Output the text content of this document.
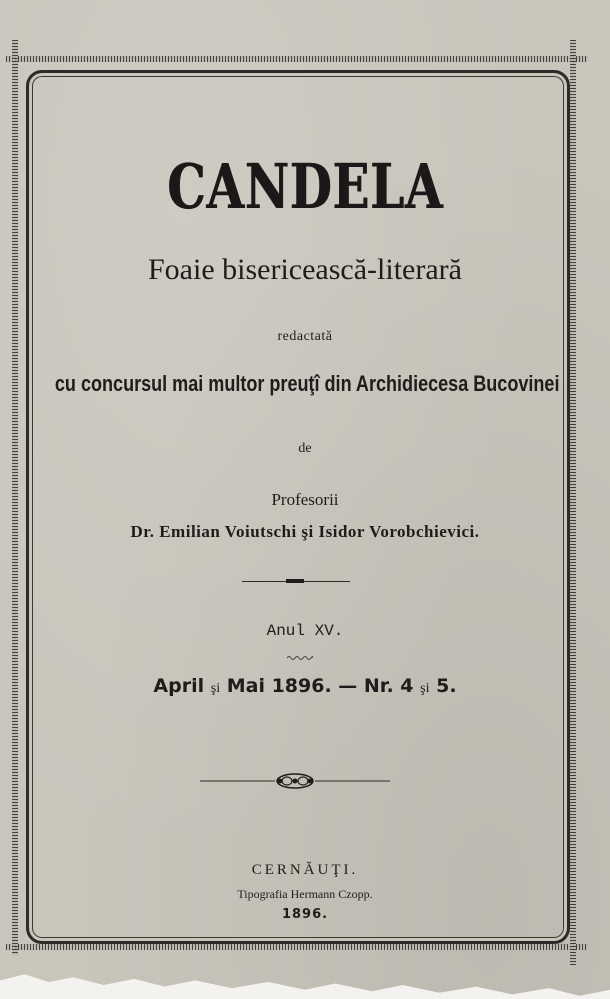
CANDELA
Foaie bisericească-literară
redactată
cu concursul mai multor preuţî din Archidiecesa Bucovinei
de
Profesorii
Dr. Emilian Voiutschi şi Isidor Vorobchievici.
Anul XV.
April şi Mai 1896. — Nr. 4 şi 5.
CERNĂUŢI.
Tipografia Hermann Czopp.
1896.
